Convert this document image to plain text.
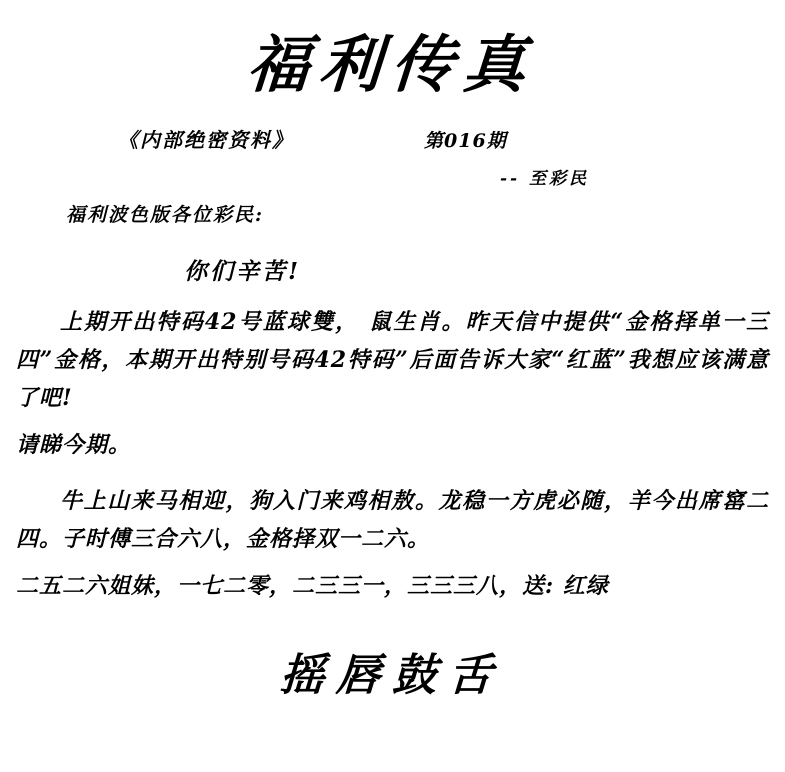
福利传真
《内部绝密资料》	第016期
-- 至彩民
福利波色版各位彩民:
你们辛苦!
上期开出特码42号蓝球雙， 鼠生肖。昨天信中提供“金格择单一三四”金格，本期开出特别号码42特码”后面告诉大家“红蓝”我想应该满意了吧!
请睇今期。
牛上山来马相迎，狗入门来鸡相敖。龙稳一方虎必随，羊今出席窰二四。子时傅三合六八，金格择双一二六。
二五二六姐妹，一七二零，二三三一，三三三八，送: 红绿
摇唇鼓舌
